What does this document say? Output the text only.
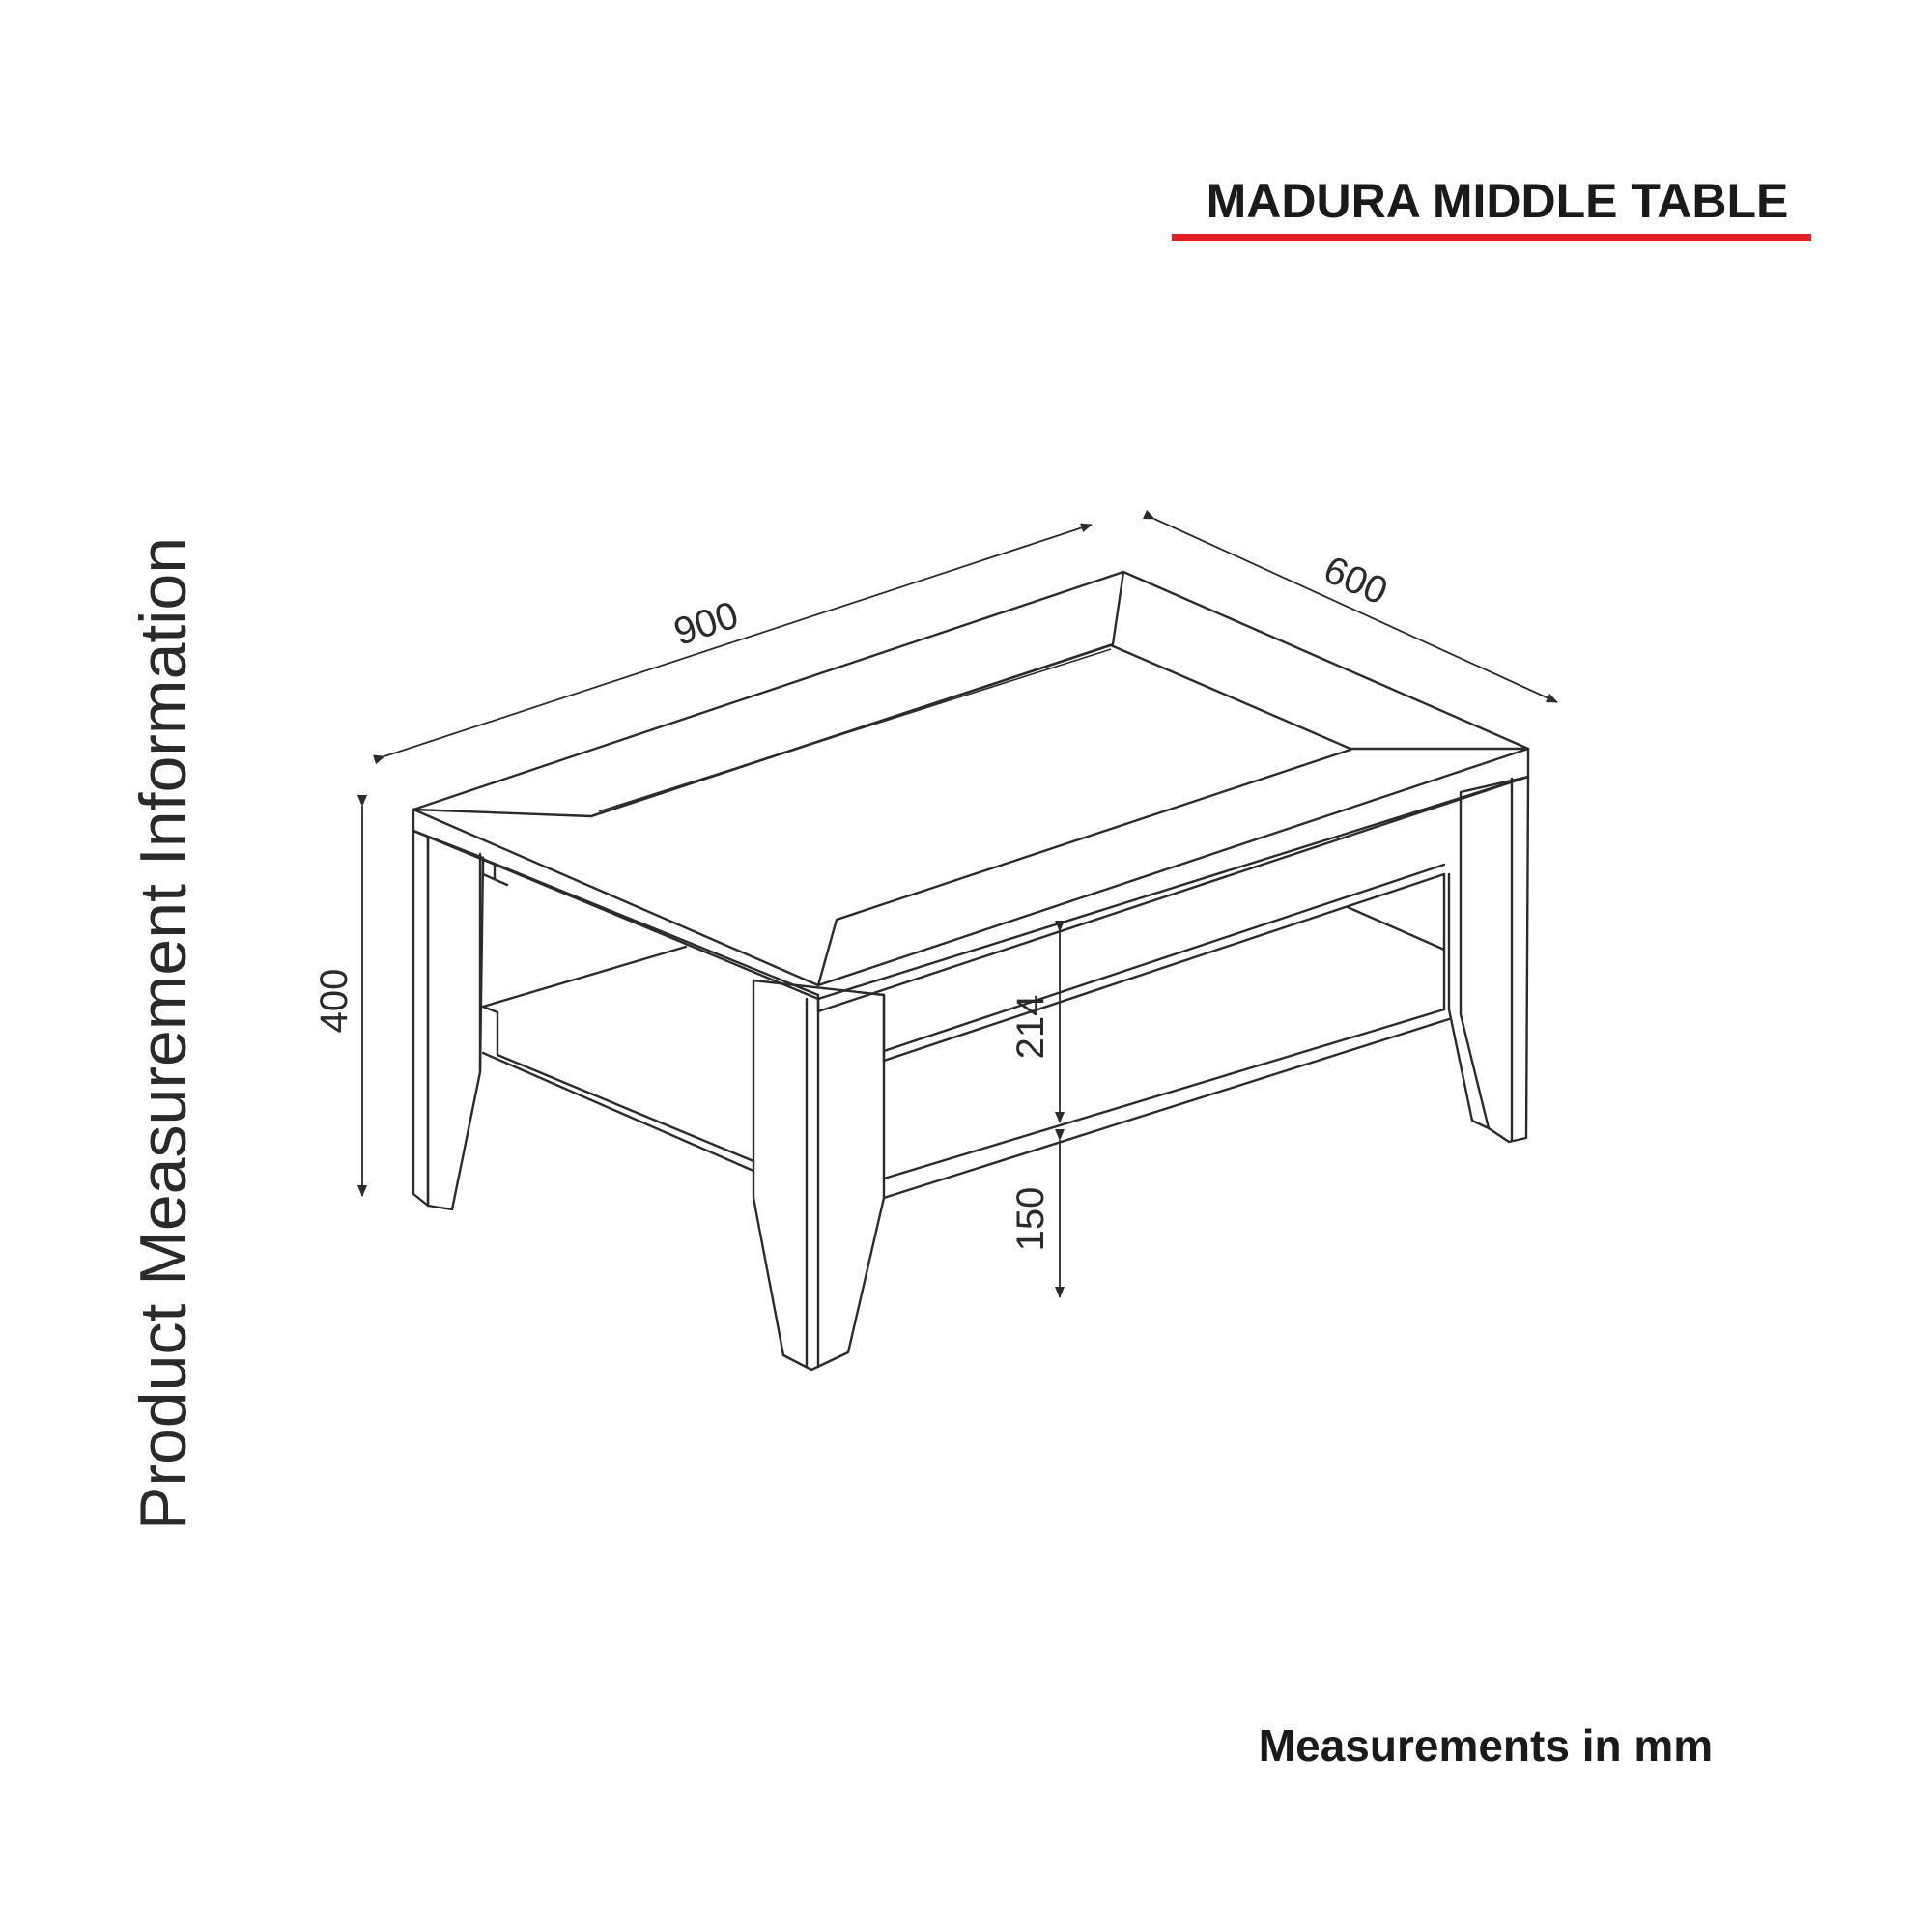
MADURA MIDDLE TABLE
Product Measurement Information
Measurements in mm
900
600
400	214
150
